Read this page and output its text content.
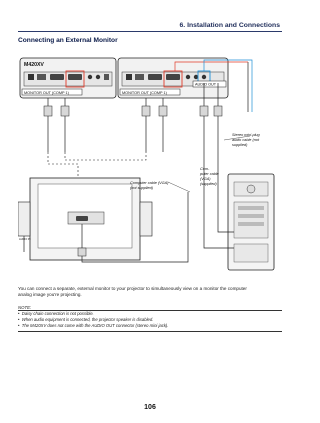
6. Installation and Connections
Connecting an External Monitor
M420XV
MONITOR OUT (COMP 1)	MONITOR OUT (COMP 1)
AUDIO OUT
Stereo mini-plug
audio cable (not
supplied)
AUDIO IN
Computer cable (VGA)
(not supplied)
Com-
puter cable
(VGA)
(supplied)
You can connect a separate, external monitor to your projector to simultaneously view on a monitor the computer
analog image you're projecting.
NOTE:
•  Daisy chain connection is not possible.
•  When audio equipment is connected, the projector speaker is disabled.
•  The M420XV does not come with the AUDIO OUT connector (stereo mini jack).
106
